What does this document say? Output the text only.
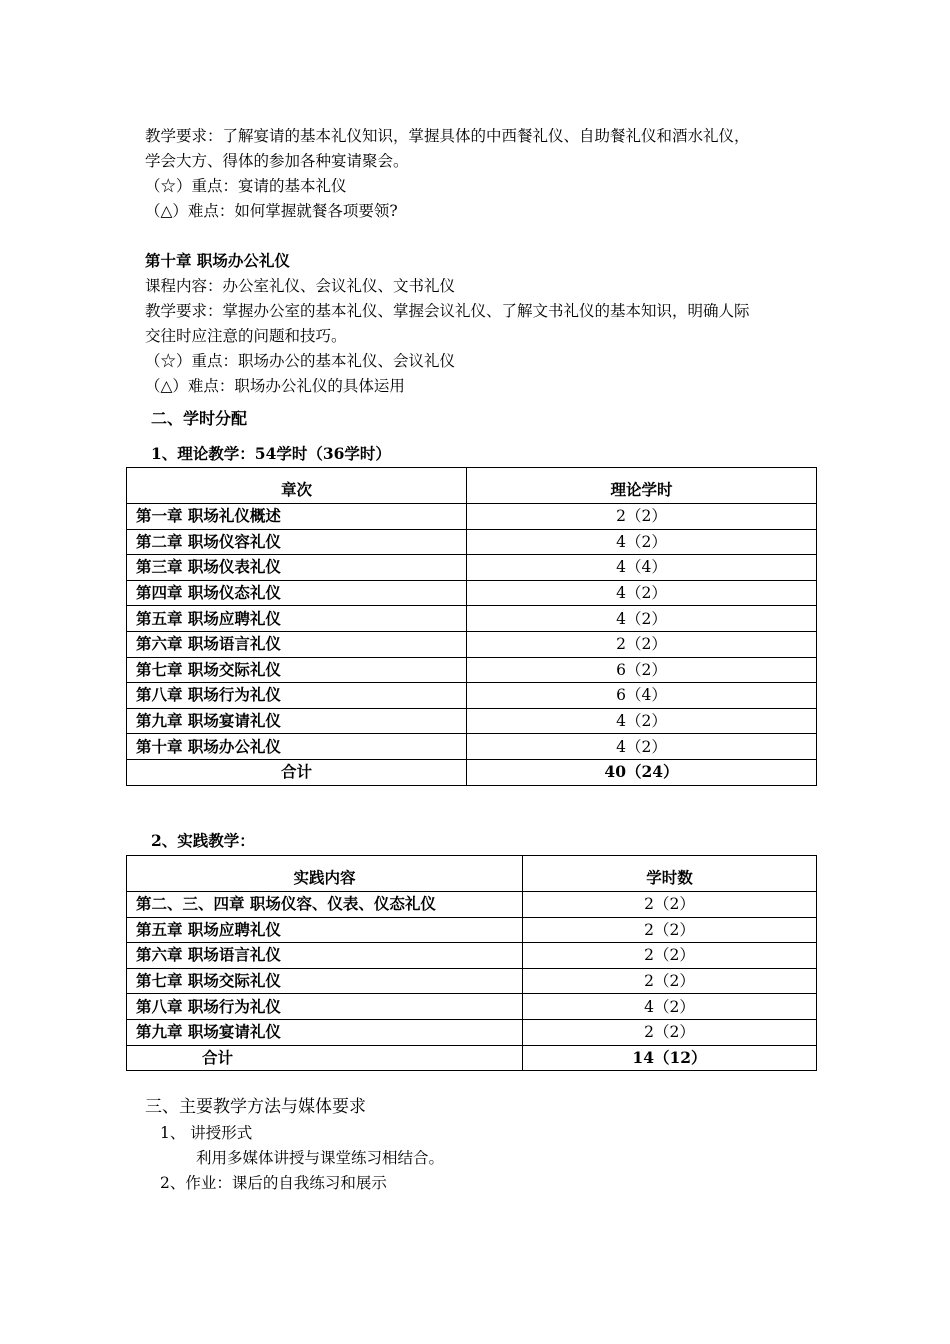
教学要求：了解宴请的基本礼仪知识，掌握具体的中西餐礼仪、自助餐礼仪和酒水礼仪，
学会大方、得体的参加各种宴请聚会。
（☆）重点：宴请的基本礼仪
（△）难点：如何掌握就餐各项要领?
第十章 职场办公礼仪
课程内容：办公室礼仪、会议礼仪、文书礼仪
教学要求：掌握办公室的基本礼仪、掌握会议礼仪、了解文书礼仪的基本知识，明确人际
交往时应注意的问题和技巧。
（☆）重点：职场办公的基本礼仪、会议礼仪
（△）难点：职场办公礼仪的具体运用
二、学时分配
1、理论教学：54学时（36学时）
章次	理论学时
第一章 职场礼仪概述	2（2）
第二章 职场仪容礼仪	4（2）
第三章 职场仪表礼仪	4（4）
第四章 职场仪态礼仪	4（2）
第五章 职场应聘礼仪	4（2）
第六章 职场语言礼仪	2（2）
第七章 职场交际礼仪	6（2）
第八章 职场行为礼仪	6（4）
第九章 职场宴请礼仪	4（2）
第十章 职场办公礼仪	4（2）
合计	40（24）
2、实践教学：
实践内容	学时数
第二、三、四章 职场仪容、仪表、仪态礼仪	2（2）
第五章 职场应聘礼仪	2（2）
第六章 职场语言礼仪	2（2）
第七章 职场交际礼仪	2（2）
第八章 职场行为礼仪	4（2）
第九章 职场宴请礼仪	2（2）
合计	14（12）
三、主要教学方法与媒体要求
1、 讲授形式
利用多媒体讲授与课堂练习相结合。
2、作业：课后的自我练习和展示
